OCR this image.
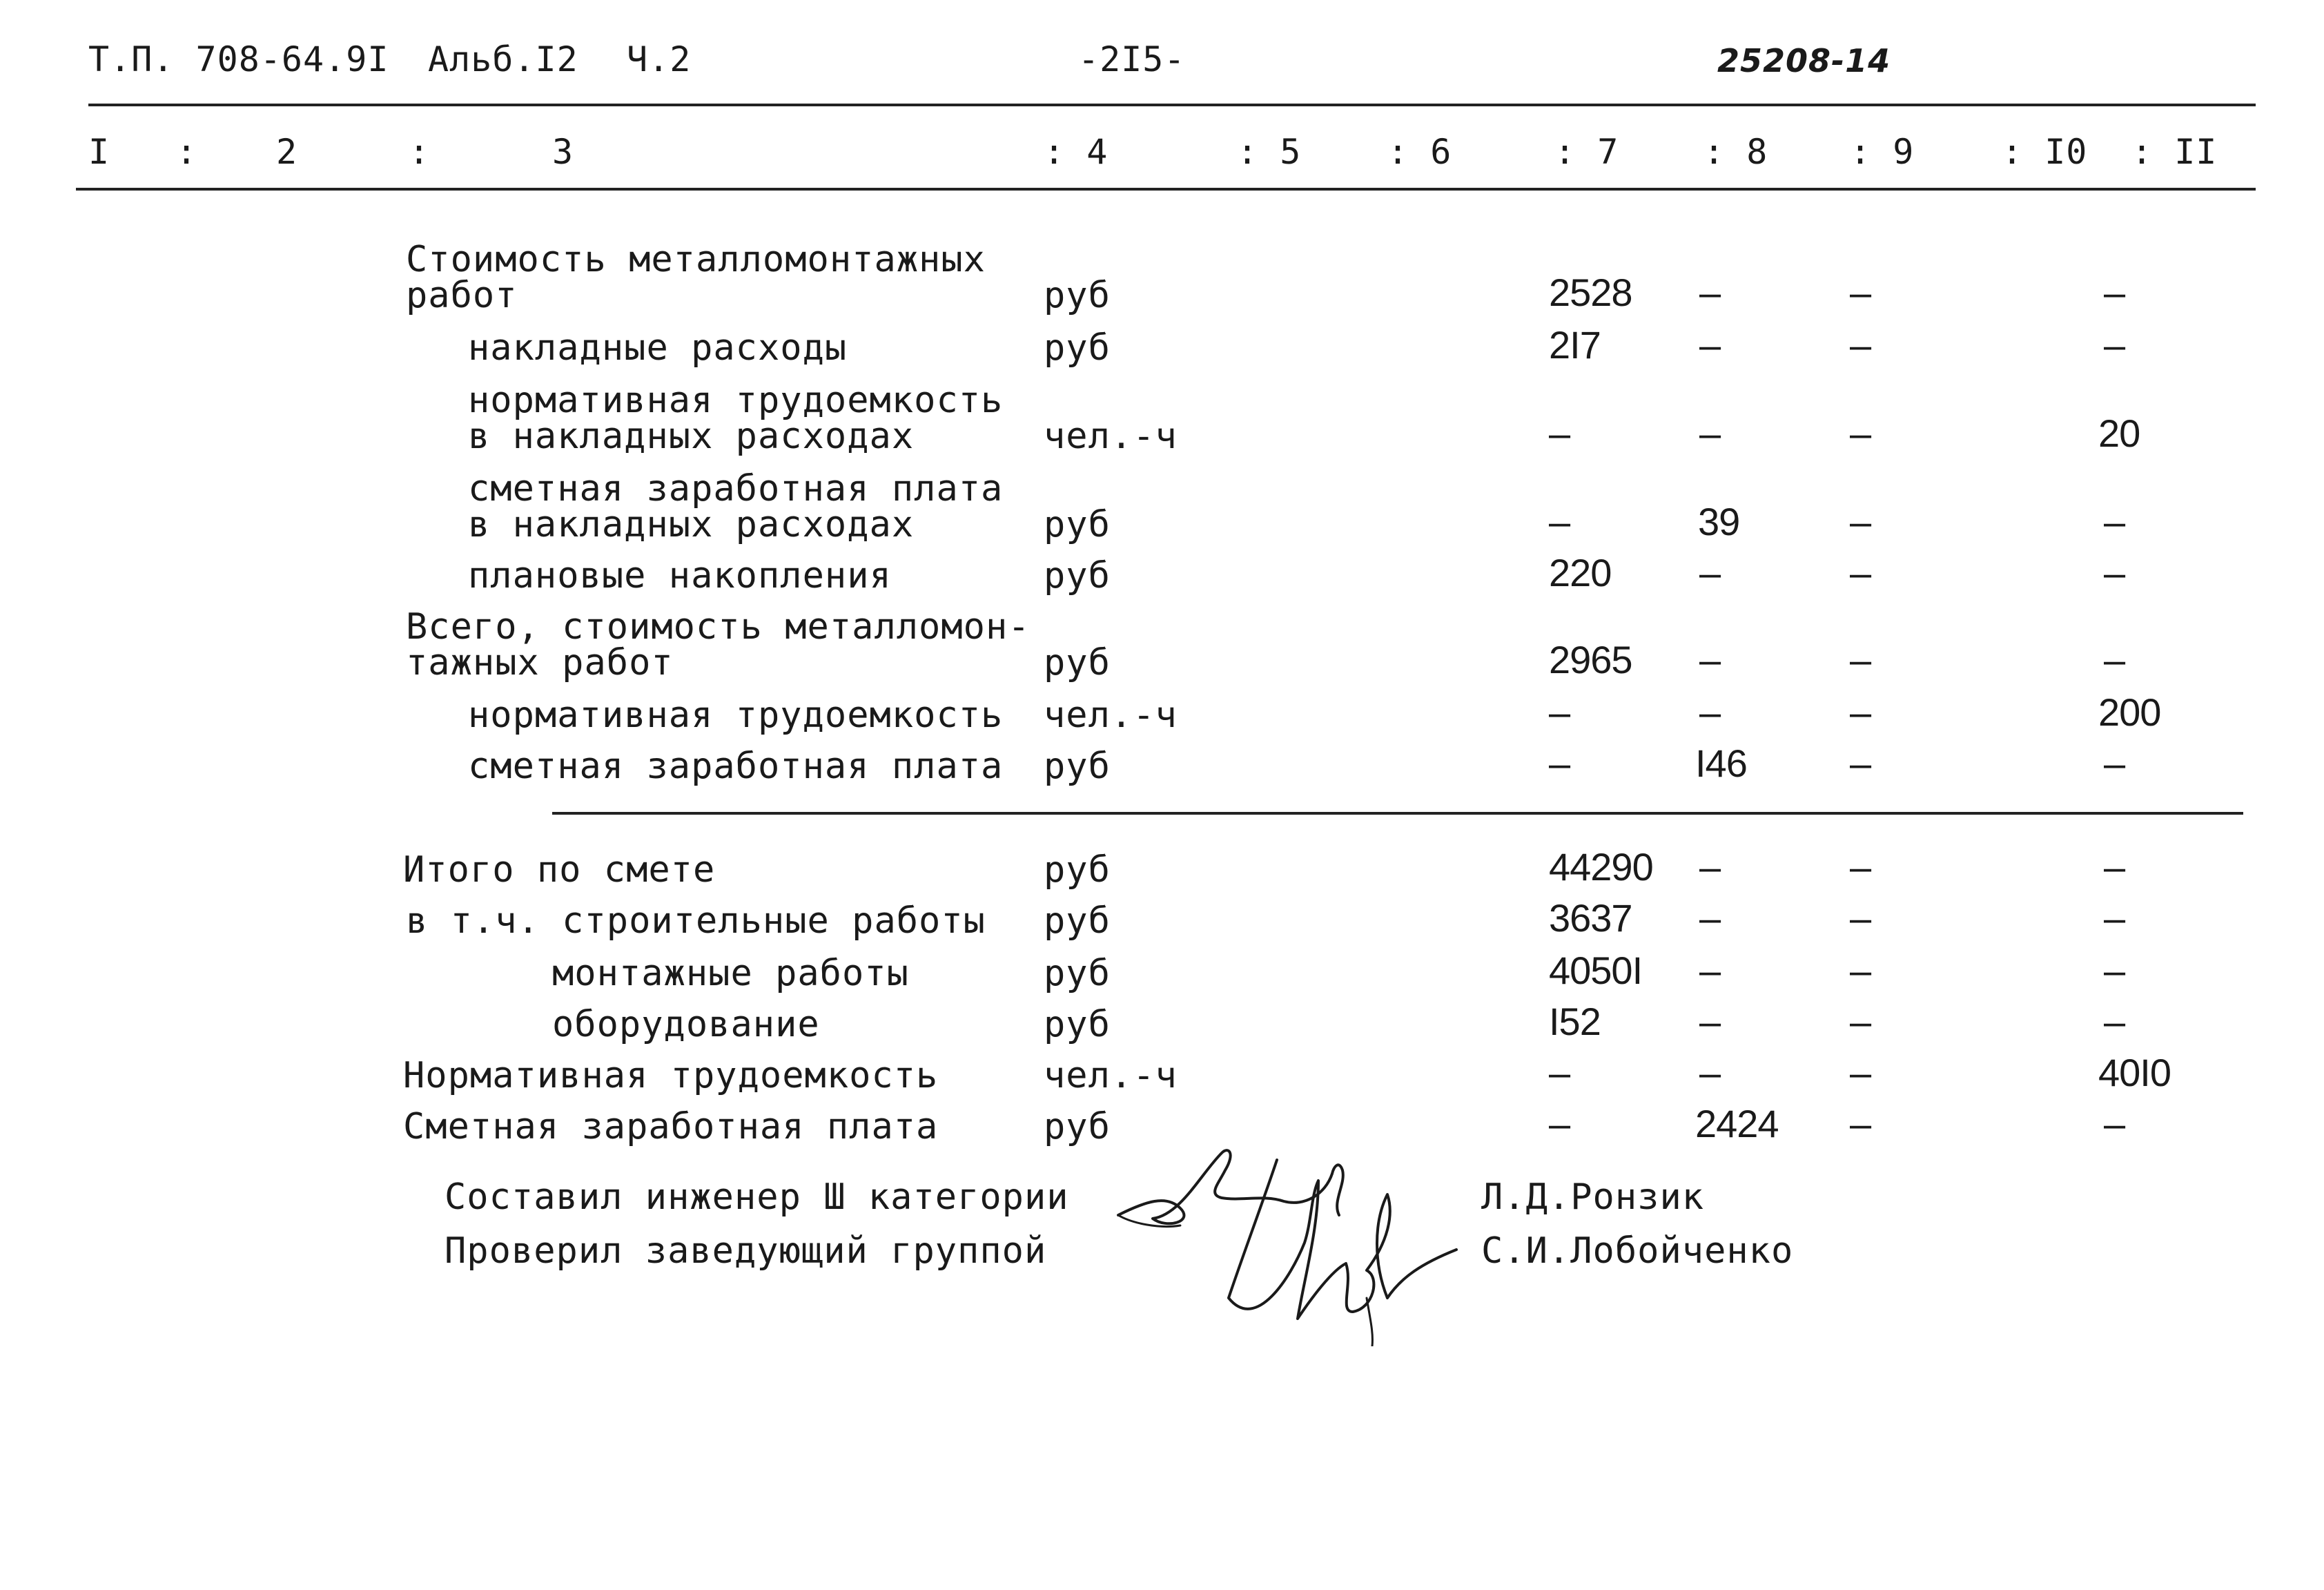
Т.П. 708-64.9I Альб.I2 Ч.2	-2I5-	25208-14
I : 2	:	3	: 4	: 5 : 6	: 7 : 8 : 9	: I0 : II
Стоимость металломонтажных
работ	руб	2528 –	–	–
накладные расходы	руб	2I7	–	–	–
нормативная трудоемкость
в накладных расходах	чел.-ч	–	–	–	20
сметная заработная плата
в накладных расходах	руб	–	39	–	–
плановые накопления	руб	220 –	–	–
Всего, стоимость металломон-
тажных работ	руб	2965 –	–	–
нормативная трудоемкость чел.-ч	–	–	–	200
сметная заработная плата руб	–	I46	–	–
Итого по смете	руб	44290 –	–	–
в т.ч. строительные работы руб	3637 –	–	–
монтажные работы	руб	4050I –	–	–
оборудование	руб	I52	–	–	–
Нормативная трудоемкость	чел.-ч	–	–	–	40I0
Сметная заработная плата	руб	–	2424 –	–
Составил инженер Ш категории	Л.Д.Ронзик
Проверил заведующий группой	С.И.Лобойченко
